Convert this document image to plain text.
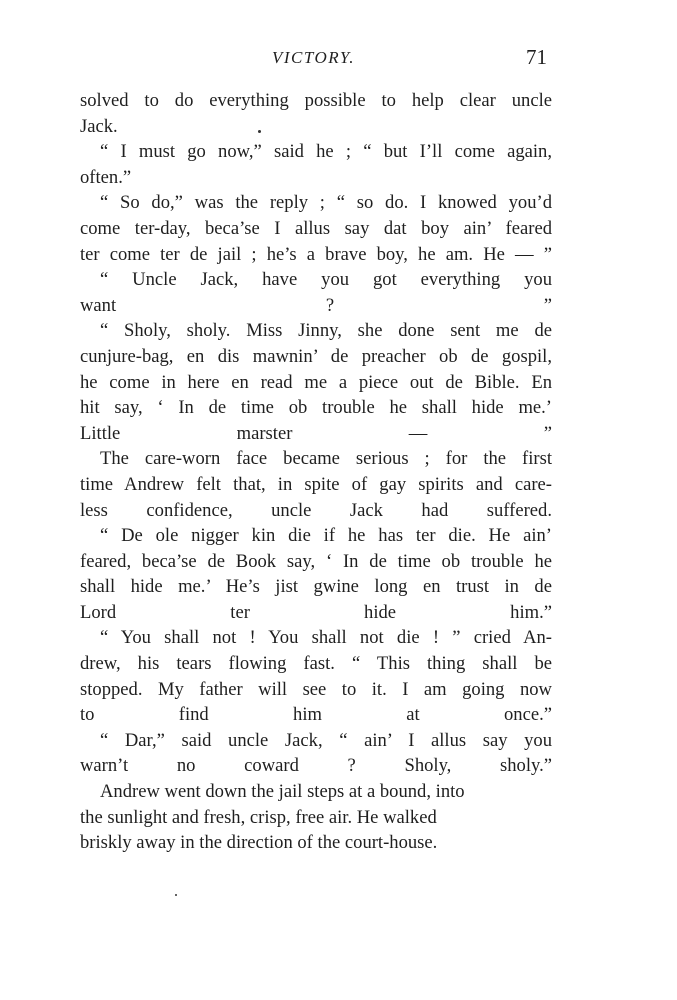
VICTORY.	71

solved to do everything possible to help clear uncle
Jack.

“ I must go now,” said he ; “ but I’ll come again,
often.”

“ So do,” was the reply ; “ so do. I knowed you’d
come ter-day, beca’se I allus say dat boy ain’ feared
ter come ter de jail ; he’s a brave boy, he am. He — ”

“ Uncle Jack, have you got everything you
want ? ”

“ Sholy, sholy. Miss Jinny, she done sent me de
cunjure-bag, en dis mawnin’ de preacher ob de gospil,
he come in here en read me a piece out de Bible. En
hit say, ‘ In de time ob trouble he shall hide me.’
Little marster — ”

The care-worn face became serious ; for the first
time Andrew felt that, in spite of gay spirits and care-
less confidence, uncle Jack had suffered.

“ De ole nigger kin die if he has ter die. He ain’
feared, beca’se de Book say, ‘ In de time ob trouble he
shall hide me.’ He’s jist gwine long en trust in de
Lord ter hide him.”

“ You shall not ! You shall not die ! ” cried An-
drew, his tears flowing fast. “ This thing shall be
stopped. My father will see to it. I am going now
to find him at once.”

“ Dar,” said uncle Jack, “ ain’ I allus say you
warn’t no coward ? Sholy, sholy.”

Andrew went down the jail steps at a bound, into
the sunlight and fresh, crisp, free air. He walked
briskly away in the direction of the court-house.
